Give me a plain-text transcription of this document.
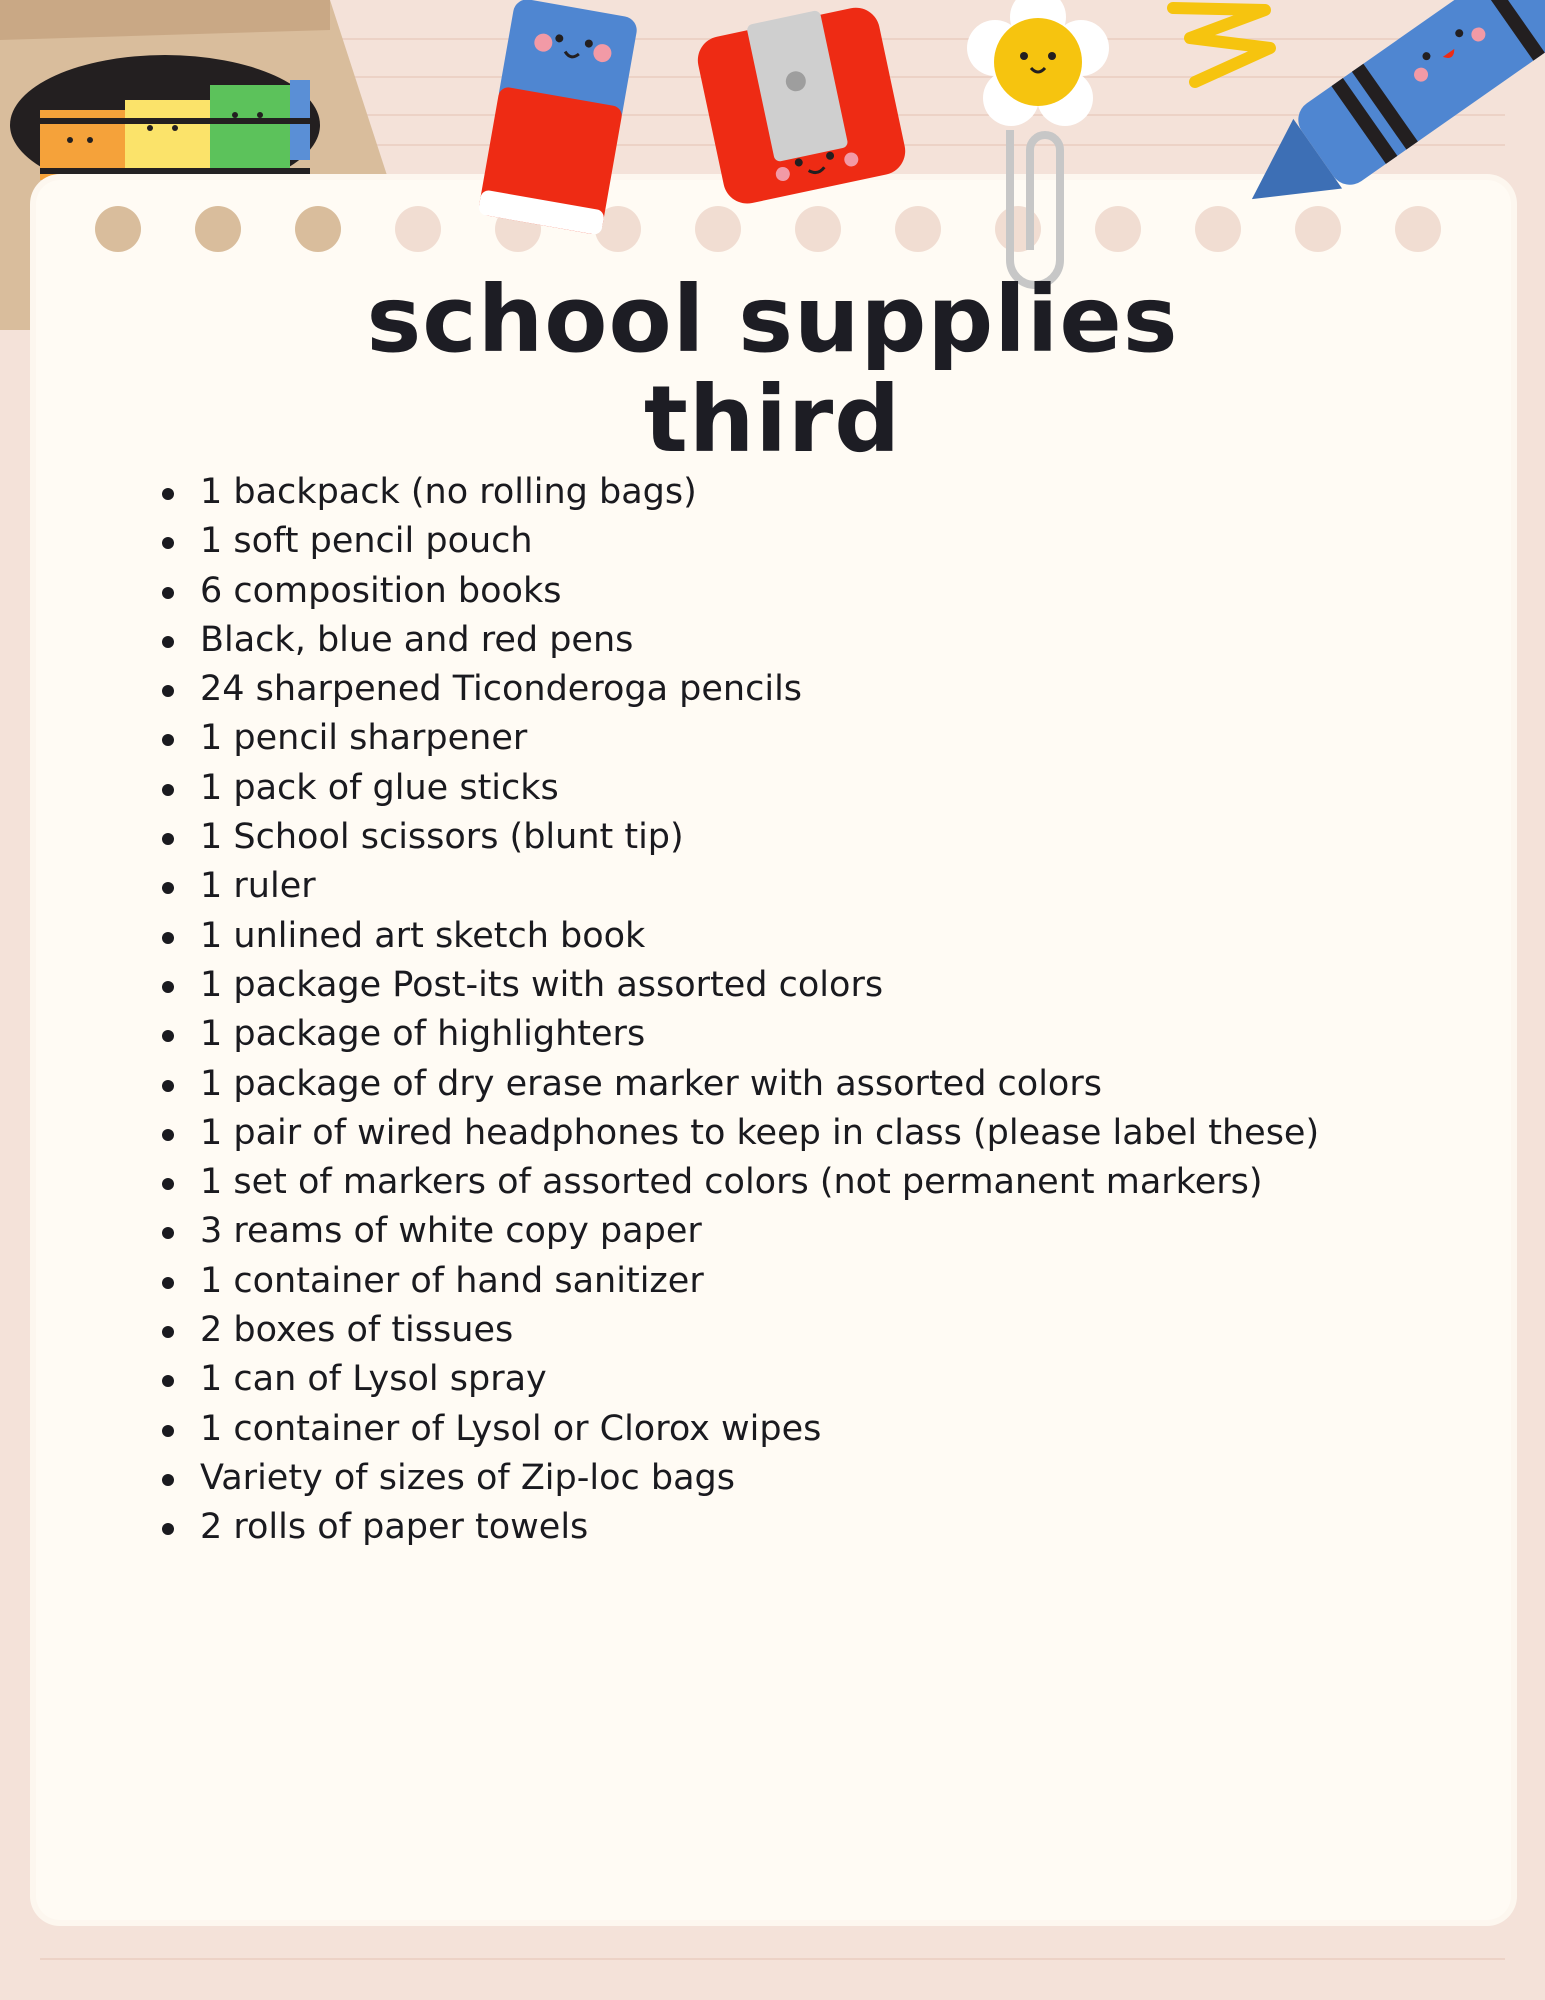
school supplies
third
1 backpack (no rolling bags)
1 soft pencil pouch
6 composition books
Black, blue and red pens
24 sharpened Ticonderoga pencils
1 pencil sharpener
1 pack of glue sticks
1 School scissors (blunt tip)
1 ruler
1 unlined art sketch book
1 package Post-its with assorted colors
1 package of highlighters
1 package of dry erase marker with assorted colors
1 pair of wired headphones to keep in class (please label these)
1 set of markers of assorted colors (not permanent markers)
3 reams of white copy paper
1 container of hand sanitizer
2 boxes of tissues
1 can of Lysol spray
1 container of Lysol or Clorox wipes
Variety of sizes of Zip-loc bags
2 rolls of paper towels
